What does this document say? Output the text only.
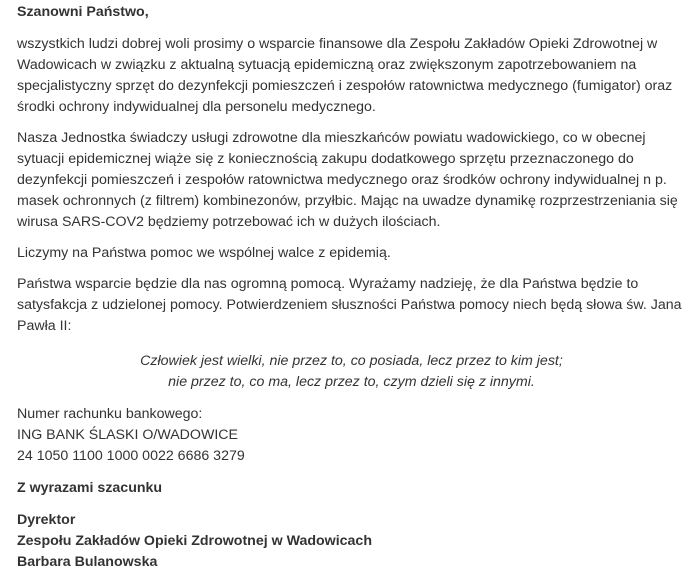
Szanowni Państwo,

wszystkich ludzi dobrej woli prosimy o wsparcie finansowe dla Zespołu Zakładów Opieki Zdrowotnej w Wadowicach w związku z aktualną sytuacją epidemiczną oraz zwiększonym zapotrzebowaniem na specjalistyczny sprzęt do dezynfekcji pomieszczeń i zespołów ratownictwa medycznego (fumigator) oraz środki ochrony indywidualnej dla personelu medycznego.

Nasza Jednostka świadczy usługi zdrowotne dla mieszkańców powiatu wadowickiego, co w obecnej sytuacji epidemicznej wiąże się z koniecznością zakupu dodatkowego sprzętu przeznaczonego do dezynfekcji pomieszczeń i zespołów ratownictwa medycznego oraz środków ochrony indywidualnej n p. masek ochronnych (z filtrem) kombinezonów, przyłbic. Mając na uwadze dynamikę rozprzestrzeniania się wirusa SARS-COV2 będziemy potrzebować ich w dużych ilościach.

Liczymy na Państwa pomoc we wspólnej walce z epidemią.

Państwa wsparcie będzie dla nas ogromną pomocą. Wyrażamy nadzieję, że dla Państwa będzie to satysfakcja z udzielonej pomocy. Potwierdzeniem słuszności Państwa pomocy niech będą słowa św. Jana Pawła II:

Człowiek jest wielki, nie przez to, co posiada, lecz przez to kim jest;
nie przez to, co ma, lecz przez to, czym dzieli się z innymi.
Numer rachunku bankowego:
ING BANK ŚLASKI O/WADOWICE
24 1050 1100 1000 0022 6686 3279
Z wyrazami szacunku
Dyrektor
Zespołu Zakładów Opieki Zdrowotnej w Wadowicach
Barbara Bulanowska
